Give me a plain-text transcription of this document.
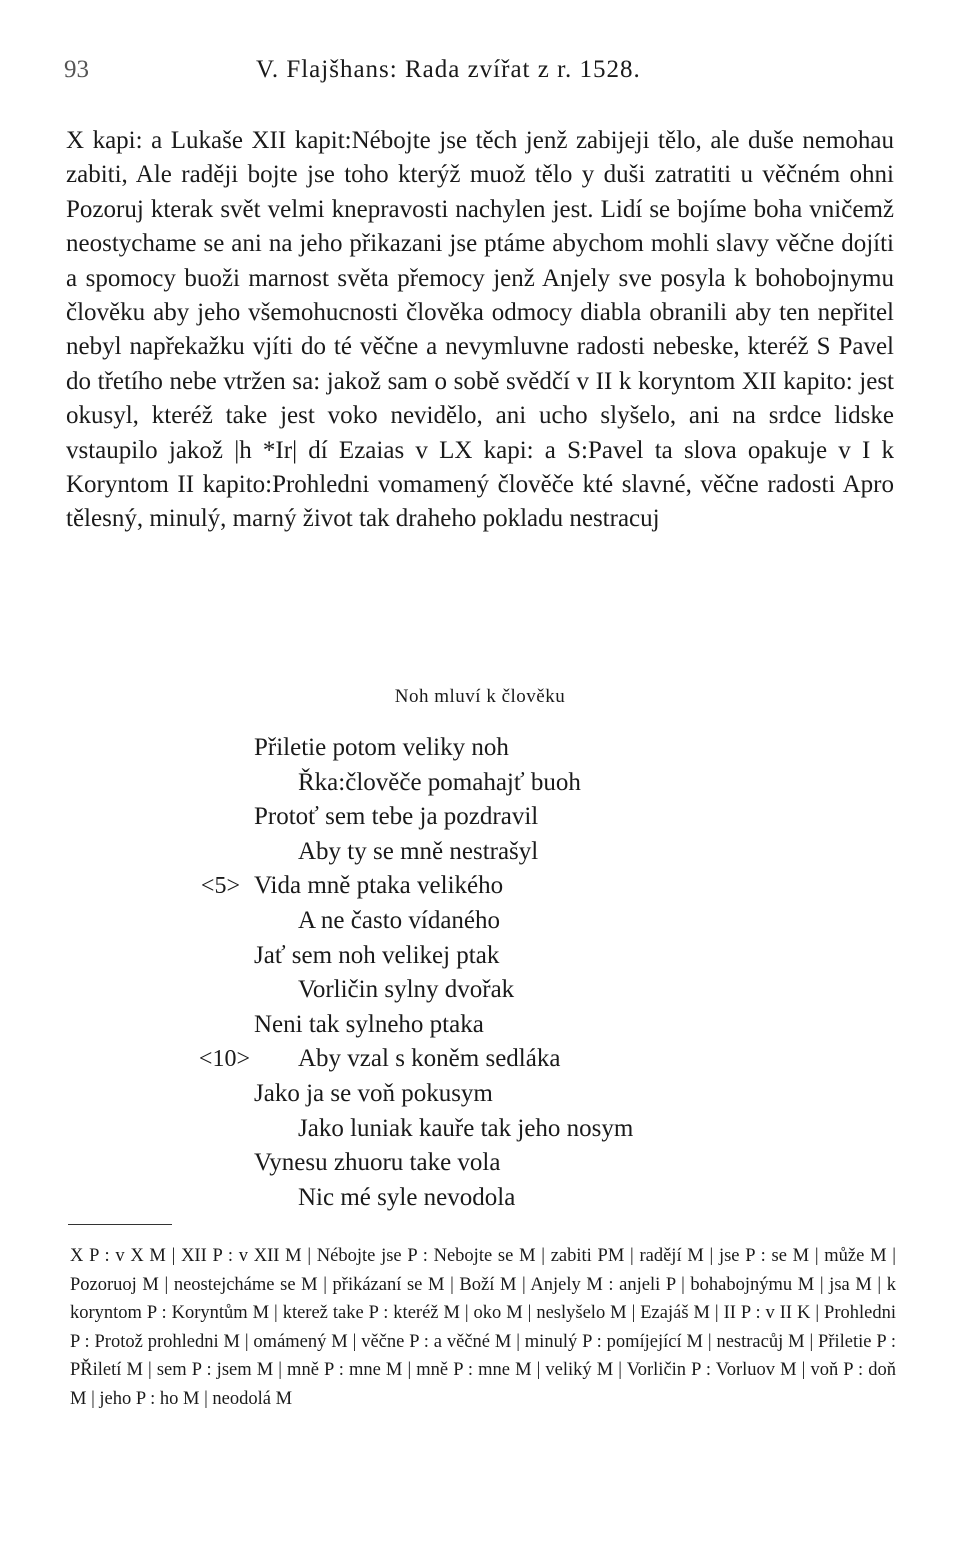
93	V. Flajšhans: Rada zvířat z r. 1528.

X kapi: a Lukaše XII kapit:Nébojte jse těch jenž zabijeji tělo, ale duše nemohau zabiti, Ale raději bojte jse toho kterýž muož tělo y duši zatratiti u věčném ohni Pozoruj kterak svět velmi knepravosti nachylen jest. Lidí se bojíme boha vničemž neostychame se ani na jeho přikazani jse ptáme abychom mohli slavy věčne dojíti a spomocy buoži marnost světa přemocy jenž Anjely sve posyla k bohobojnymu člověku aby jeho všemohucnosti člověka odmocy diabla obranili aby ten nepřitel nebyl napřekažku vjíti do té věčne a nevymluvne radosti nebeske, kteréž S Pavel do třetího nebe vtržen sa: jakož sam o sobě svědčí v II k koryntom XII kapito: jest okusyl, kteréž take jest voko nevidělo, ani ucho slyšelo, ani na srdce lidske vstaupilo jakož |h *Ir| dí Ezaias v LX kapi: a S:Pavel ta slova opakuje v I k Koryntom II kapito:Prohledni vomamený člověče kté slavné, věčne radosti Apro tělesný, minulý, marný život tak draheho pokladu nestracuj

Noh mluví k člověku
Přiletie potom veliky noh
Řka:člověče pomahajť buoh
Protoť sem tebe ja pozdravil
Aby ty se mně nestrašyl
Vida mně ptaka velikého
<5>
A ne často vídaného
Jať sem noh velikej ptak
Vorličin sylny dvořak
Neni tak sylneho ptaka
Aby vzal s koněm sedláka
<10>
Jako ja se voň pokusym
Jako luniak kauře tak jeho nosym
Vynesu zhuoru take vola
Nic mé syle nevodola

X P : v X M | XII P : v XII M | Nébojte jse P : Nebojte se M | zabiti PM | radějí M | jse P : se M | může M | Pozoruoj M | neostejcháme se M | přikázaní se M | Boží M | Anjely M : anjeli P | bohabojnýmu M | jsa M | k koryntom P : Koryntům M | kterež take P : kteréž M | oko M | neslyšelo M | Ezajáš M | II P : v II K | Prohledni P : Protož prohledni M | omámený M | věčne P : a věčné M | minulý P : pomíjející M | nestracůj M | Přiletie P : PŘiletí M | sem P : jsem M | mně P : mne M | mně P : mne M | veliký M | Vorličin P : Vorluov M | voň P : doň M | jeho P : ho M | neodolá M
